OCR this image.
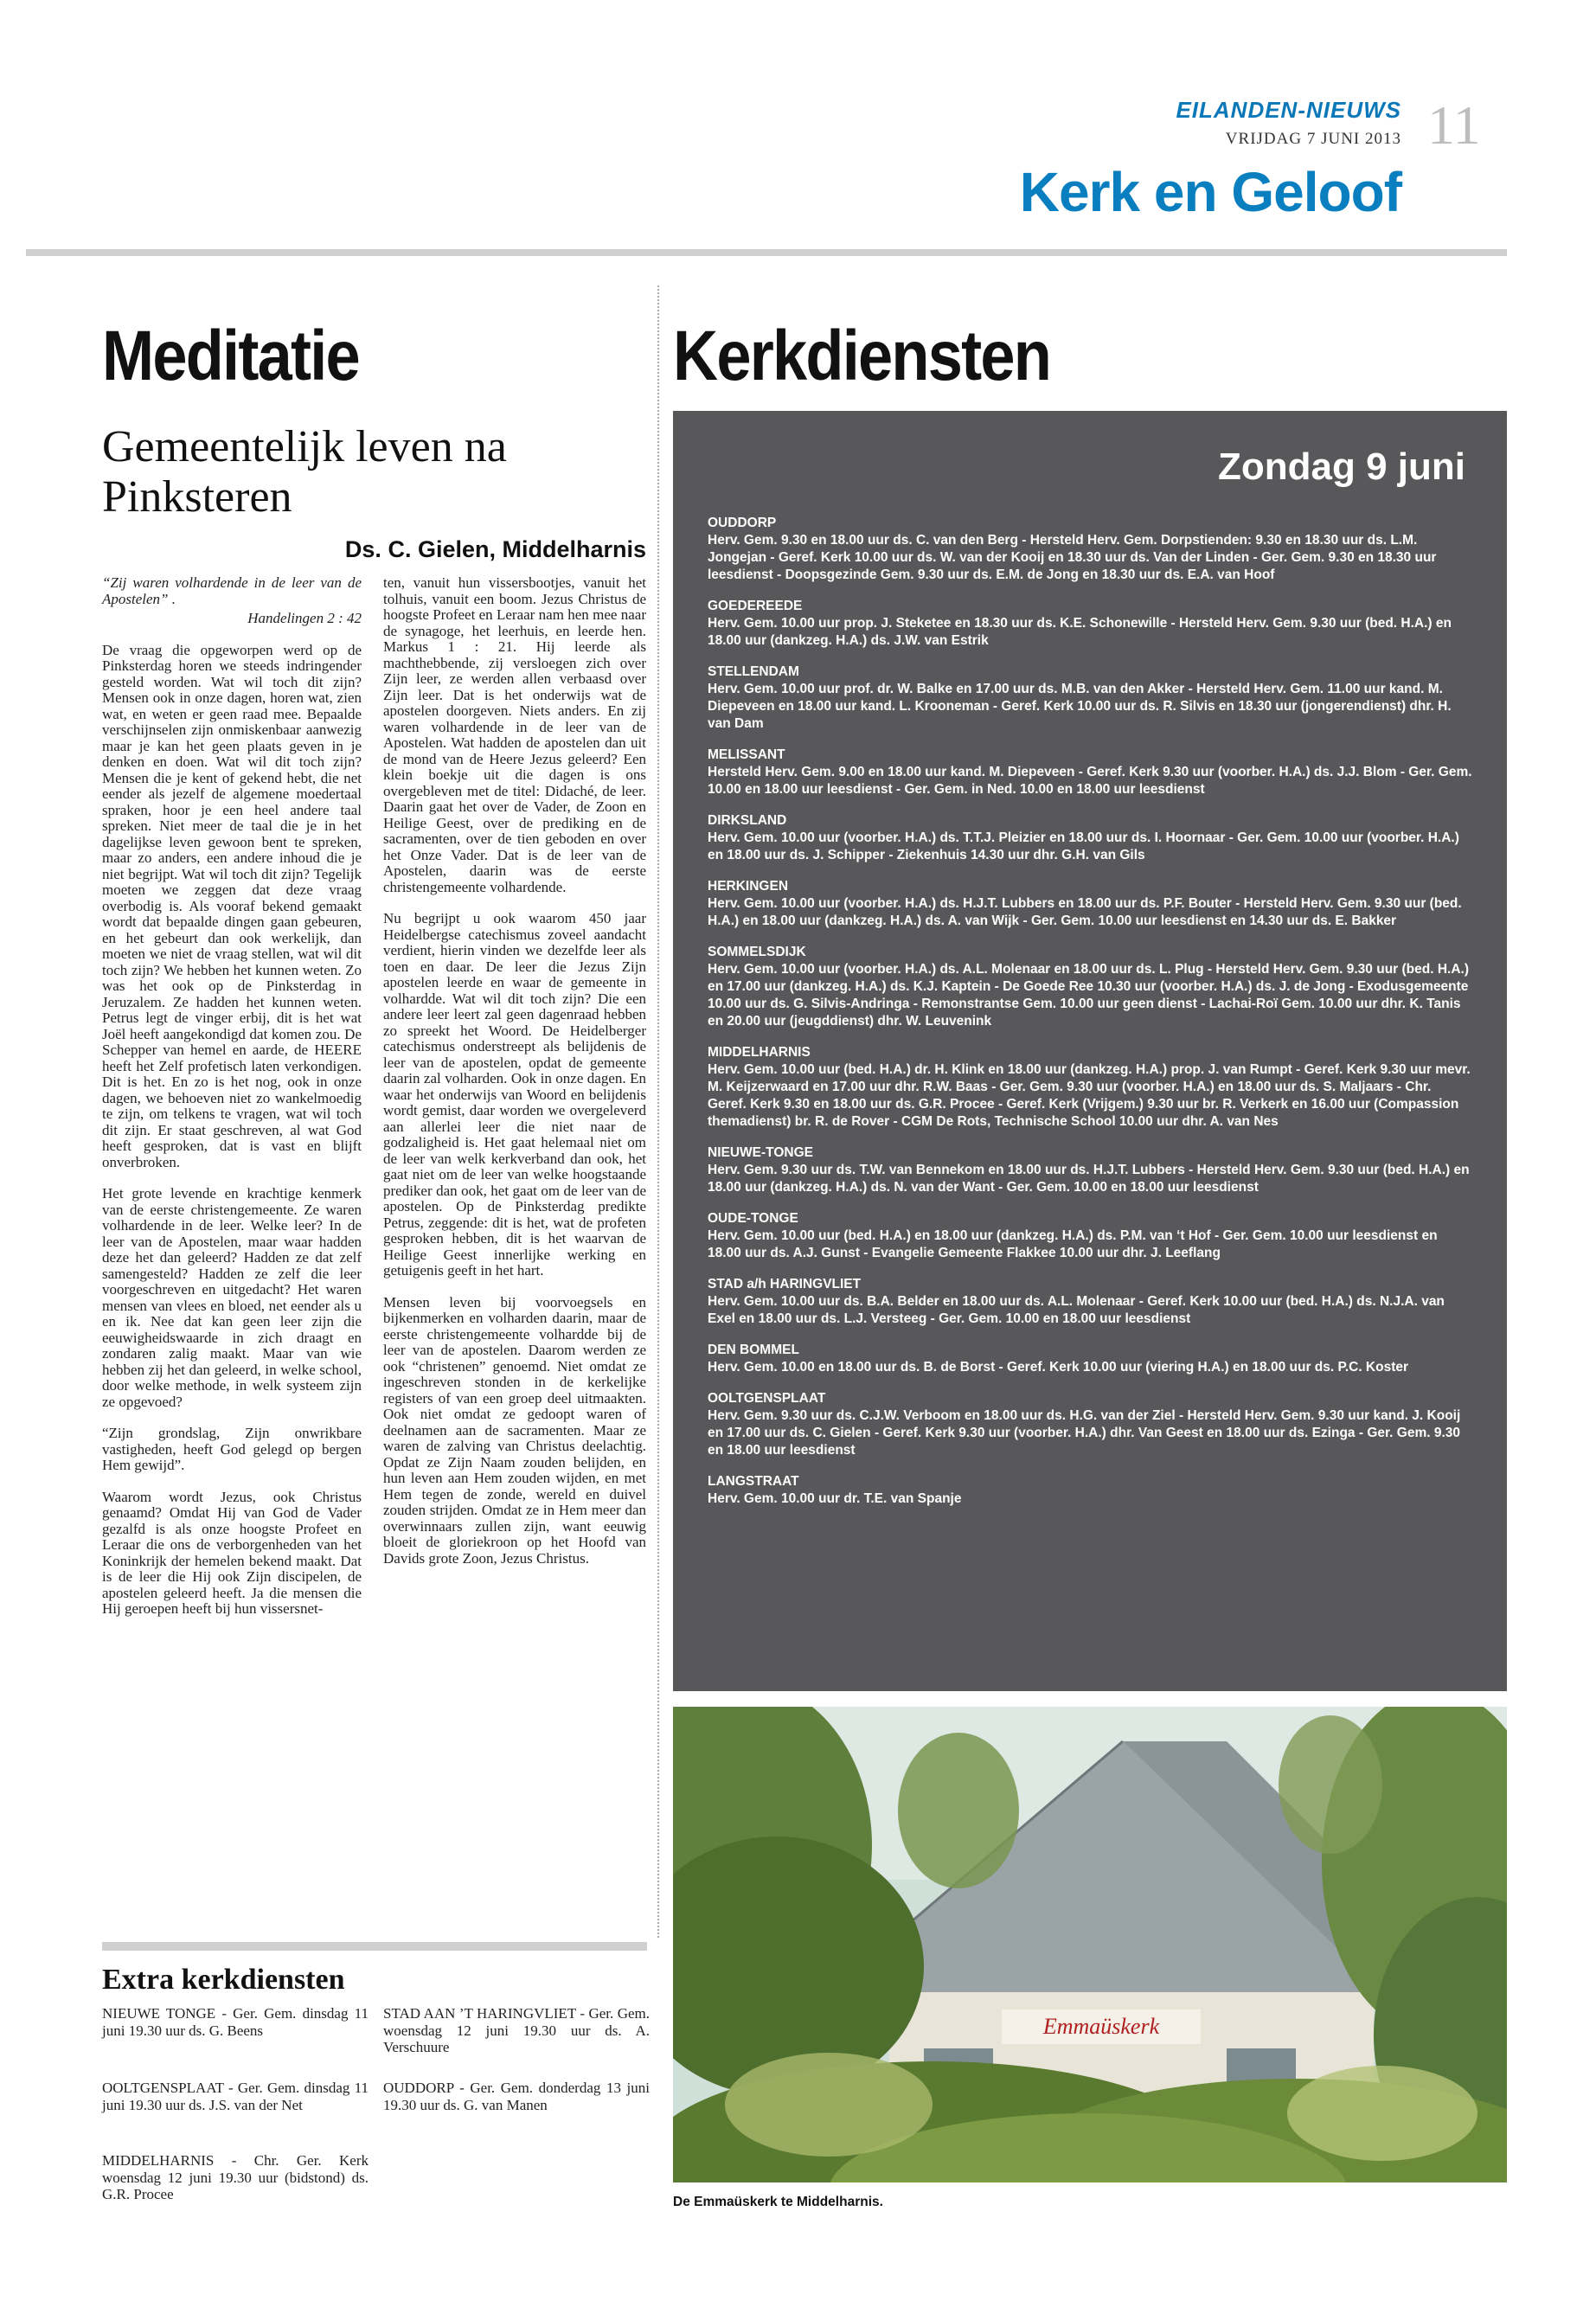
EILANDEN-NIEUWS
VRIJDAG 7 JUNI 2013 11
Kerk en Geloof
Meditatie
Gemeentelijk leven na Pinksteren
Ds. C. Gielen, Middelharnis

“Zij waren volhardende in de leer van de Apostelen” .

Handelingen 2 : 42

De vraag die opgeworpen werd op de Pinksterdag horen we steeds indringender gesteld worden. Wat wil toch dit zijn? Mensen ook in onze dagen, horen wat, zien wat, en weten er geen raad mee. Bepaalde verschijnselen zijn onmiskenbaar aanwezig maar je kan het geen plaats geven in je denken en doen. Wat wil dit toch zijn? Mensen die je kent of gekend hebt, die net eender als jezelf de algemene moedertaal spraken, hoor je een heel andere taal spreken. Niet meer de taal die je in het dagelijkse leven gewoon bent te spreken, maar zo anders, een andere inhoud die je niet begrijpt. Wat wil toch dit zijn? Tegelijk moeten we zeggen dat deze vraag overbodig is. Als vooraf bekend gemaakt wordt dat bepaalde dingen gaan gebeuren, en het gebeurt dan ook werkelijk, dan moeten we niet de vraag stellen, wat wil dit toch zijn? We hebben het kunnen weten. Zo was het ook op de Pinksterdag in Jeruzalem. Ze hadden het kunnen weten. Petrus legt de vinger erbij, dit is het wat Joël heeft aangekondigd dat komen zou. De Schepper van hemel en aarde, de HEERE heeft het Zelf profetisch laten verkondigen. Dit is het. En zo is het nog, ook in onze dagen, we behoeven niet zo wankelmoedig te zijn, om telkens te vragen, wat wil toch dit zijn. Er staat geschreven, al wat God heeft gesproken, dat is vast en blijft onverbroken.

Het grote levende en krachtige kenmerk van de eerste christengemeente. Ze waren volhardende in de leer. Welke leer? In de leer van de Apostelen, maar waar hadden deze het dan geleerd? Hadden ze dat zelf samengesteld? Hadden ze zelf die leer voorgeschreven en uitgedacht? Het waren mensen van vlees en bloed, net eender als u en ik. Nee dat kan geen leer zijn die eeuwigheidswaarde in zich draagt en zondaren zalig maakt. Maar van wie hebben zij het dan geleerd, in welke school, door welke methode, in welk systeem zijn ze opgevoed?

“Zijn grondslag, Zijn onwrikbare vastigheden, heeft God gelegd op bergen Hem gewijd”.

Waarom wordt Jezus, ook Christus genaamd? Omdat Hij van God de Vader gezalfd is als onze hoogste Profeet en Leraar die ons de verborgenheden van het Koninkrijk der hemelen bekend maakt. Dat is de leer die Hij ook Zijn discipelen, de apostelen geleerd heeft. Ja die mensen die Hij geroepen heeft bij hun vissersnet-

ten, vanuit hun vissersbootjes, vanuit het tolhuis, vanuit een boom. Jezus Christus de hoogste Profeet en Leraar nam hen mee naar de synagoge, het leerhuis, en leerde hen. Markus 1 : 21. Hij leerde als machthebbende, zij versloegen zich over Zijn leer, ze werden allen verbaasd over Zijn leer. Dat is het onderwijs wat de apostelen doorgeven. Niets anders. En zij waren volhardende in de leer van de Apostelen. Wat hadden de apostelen dan uit de mond van de Heere Jezus geleerd? Een klein boekje uit die dagen is ons overgebleven met de titel: Didaché, de leer. Daarin gaat het over de Vader, de Zoon en Heilige Geest, over de prediking en de sacramenten, over de tien geboden en over het Onze Vader. Dat is de leer van de Apostelen, daarin was de eerste christengemeente volhardende.

Nu begrijpt u ook waarom 450 jaar Heidelbergse catechismus zoveel aandacht verdient, hierin vinden we dezelfde leer als toen en daar. De leer die Jezus Zijn apostelen leerde en waar de gemeente in volhardde. Wat wil dit toch zijn? Die een andere leer leert zal geen dagenraad hebben zo spreekt het Woord. De Heidelberger catechismus onderstreept als belijdenis de leer van de apostelen, opdat de gemeente daarin zal volharden. Ook in onze dagen. En waar het onderwijs van Woord en belijdenis wordt gemist, daar worden we overgeleverd aan allerlei leer die niet naar de godzaligheid is. Het gaat helemaal niet om de leer van welk kerkverband dan ook, het gaat niet om de leer van welke hoogstaande prediker dan ook, het gaat om de leer van de apostelen. Op de Pinksterdag predikte Petrus, zeggende: dit is het, wat de profeten gesproken hebben, dit is het waarvan de Heilige Geest innerlijke werking en getuigenis geeft in het hart.

Mensen leven bij voorvoegsels en bijkenmerken en volharden daarin, maar de eerste christengemeente volhardde bij de leer van de apostelen. Daarom werden ze ook “christenen” genoemd. Niet omdat ze ingeschreven stonden in de kerkelijke registers of van een groep deel uitmaakten. Ook niet omdat ze gedoopt waren of deelnamen aan de sacramenten. Maar ze waren de zalving van Christus deelachtig. Opdat ze Zijn Naam zouden belijden, en hun leven aan Hem zouden wijden, en met Hem tegen de zonde, wereld en duivel zouden strijden. Omdat ze in Hem meer dan overwinnaars zullen zijn, want eeuwig bloeit de gloriekroon op het Hoofd van Davids grote Zoon, Jezus Christus.

Extra kerkdiensten
NIEUWE TONGE - Ger. Gem. dinsdag 11 juni 19.30 uur ds. G. Beens
STAD AAN ’T HARINGVLIET - Ger. Gem. woensdag 12 juni 19.30 uur ds. A. Verschuure
OOLTGENSPLAAT - Ger. Gem. dinsdag 11 juni 19.30 uur ds. J.S. van der Net
OUDDORP - Ger. Gem. donderdag 13 juni 19.30 uur ds. G. van Manen
MIDDELHARNIS - Chr. Ger. Kerk woensdag 12 juni 19.30 uur (bidstond) ds. G.R. Procee
Kerkdiensten
Zondag 9 juni
OUDDORP
Herv. Gem. 9.30 en 18.00 uur ds. C. van den Berg - Hersteld Herv. Gem. Dorpstienden: 9.30 en 18.30 uur ds. L.M. Jongejan - Geref. Kerk 10.00 uur ds. W. van der Kooij en 18.30 uur ds. Van der Linden - Ger. Gem. 9.30 en 18.30 uur leesdienst - Doopsgezinde Gem. 9.30 uur ds. E.M. de Jong en 18.30 uur ds. E.A. van Hoof
GOEDEREEDE
Herv. Gem. 10.00 uur prop. J. Steketee en 18.30 uur ds. K.E. Schonewille - Hersteld Herv. Gem. 9.30 uur (bed. H.A.) en 18.00 uur (dankzeg. H.A.) ds. J.W. van Estrik
STELLENDAM
Herv. Gem. 10.00 uur prof. dr. W. Balke en 17.00 uur ds. M.B. van den Akker - Hersteld Herv. Gem. 11.00 uur kand. M. Diepeveen en 18.00 uur kand. L. Krooneman - Geref. Kerk 10.00 uur ds. R. Silvis en 18.30 uur (jongerendienst) dhr. H. van Dam
MELISSANT
Hersteld Herv. Gem. 9.00 en 18.00 uur kand. M. Diepeveen - Geref. Kerk 9.30 uur (voorber. H.A.) ds. J.J. Blom - Ger. Gem. 10.00 en 18.00 uur leesdienst - Ger. Gem. in Ned. 10.00 en 18.00 uur leesdienst
DIRKSLAND
Herv. Gem. 10.00 uur (voorber. H.A.) ds. T.T.J. Pleizier en 18.00 uur ds. I. Hoornaar - Ger. Gem. 10.00 uur (voorber. H.A.) en 18.00 uur ds. J. Schipper - Ziekenhuis 14.30 uur dhr. G.H. van Gils
HERKINGEN
Herv. Gem. 10.00 uur (voorber. H.A.) ds. H.J.T. Lubbers en 18.00 uur ds. P.F. Bouter - Hersteld Herv. Gem. 9.30 uur (bed. H.A.) en 18.00 uur (dankzeg. H.A.) ds. A. van Wijk - Ger. Gem. 10.00 uur leesdienst en 14.30 uur ds. E. Bakker
SOMMELSDIJK
Herv. Gem. 10.00 uur (voorber. H.A.) ds. A.L. Molenaar en 18.00 uur ds. L. Plug - Hersteld Herv. Gem. 9.30 uur (bed. H.A.) en 17.00 uur (dankzeg. H.A.) ds. K.J. Kaptein - De Goede Ree 10.30 uur (voorber. H.A.) ds. J. de Jong - Exodusgemeente 10.00 uur ds. G. Silvis-Andringa - Remonstrantse Gem. 10.00 uur geen dienst - Lachai-Roï Gem. 10.00 uur dhr. K. Tanis en 20.00 uur (jeugddienst) dhr. W. Leuvenink
MIDDELHARNIS
Herv. Gem. 10.00 uur (bed. H.A.) dr. H. Klink en 18.00 uur (dankzeg. H.A.) prop. J. van Rumpt - Geref. Kerk 9.30 uur mevr. M. Keijzerwaard en 17.00 uur dhr. R.W. Baas - Ger. Gem. 9.30 uur (voorber. H.A.) en 18.00 uur ds. S. Maljaars - Chr. Geref. Kerk 9.30 en 18.00 uur ds. G.R. Procee - Geref. Kerk (Vrijgem.) 9.30 uur br. R. Verkerk en 16.00 uur (Compassion themadienst) br. R. de Rover - CGM De Rots, Technische School 10.00 uur dhr. A. van Nes
NIEUWE-TONGE
Herv. Gem. 9.30 uur ds. T.W. van Bennekom en 18.00 uur ds. H.J.T. Lubbers - Hersteld Herv. Gem. 9.30 uur (bed. H.A.) en 18.00 uur (dankzeg. H.A.) ds. N. van der Want - Ger. Gem. 10.00 en 18.00 uur leesdienst
OUDE-TONGE
Herv. Gem. 10.00 uur (bed. H.A.) en 18.00 uur (dankzeg. H.A.) ds. P.M. van ‘t Hof - Ger. Gem. 10.00 uur leesdienst en 18.00 uur ds. A.J. Gunst - Evangelie Gemeente Flakkee 10.00 uur dhr. J. Leeflang
STAD a/h HARINGVLIET
Herv. Gem. 10.00 uur ds. B.A. Belder en 18.00 uur ds. A.L. Molenaar - Geref. Kerk 10.00 uur (bed. H.A.) ds. N.J.A. van Exel en 18.00 uur ds. L.J. Versteeg - Ger. Gem. 10.00 en 18.00 uur leesdienst
DEN BOMMEL
Herv. Gem. 10.00 en 18.00 uur ds. B. de Borst - Geref. Kerk 10.00 uur (viering H.A.) en 18.00 uur ds. P.C. Koster
OOLTGENSPLAAT
Herv. Gem. 9.30 uur ds. C.J.W. Verboom en 18.00 uur ds. H.G. van der Ziel - Hersteld Herv. Gem. 9.30 uur kand. J. Kooij en 17.00 uur ds. C. Gielen - Geref. Kerk 9.30 uur (voorber. H.A.) dhr. Van Geest en 18.00 uur ds. Ezinga - Ger. Gem. 9.30 en 18.00 uur leesdienst
LANGSTRAAT
Herv. Gem. 10.00 uur dr. T.E. van Spanje
Emmaüskerk
De Emmaüskerk te Middelharnis.
